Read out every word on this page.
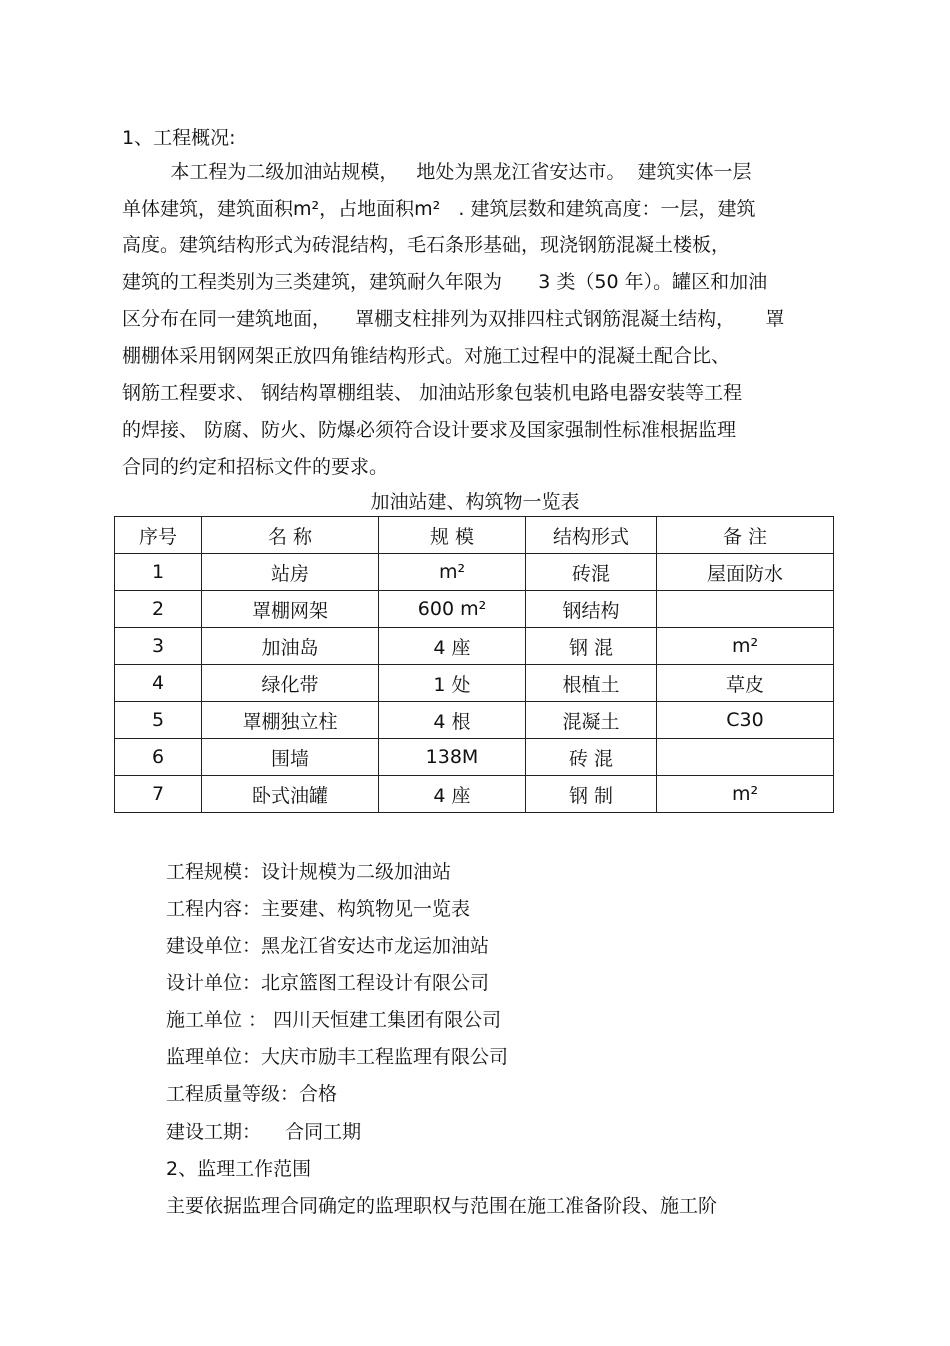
1、工程概况:
本工程为二级加油站规模，   地处为黑龙江省安达市。  建筑实体一层
单体建筑，建筑面积m²，占地面积m²   . 建筑层数和建筑高度：一层，建筑
高度。建筑结构形式为砖混结构，毛石条形基础，现浇钢筋混凝土楼板，
建筑的工程类别为三类建筑，建筑耐久年限为      3 类（50 年）。罐区和加油
区分布在同一建筑地面，    罩棚支柱排列为双排四柱式钢筋混凝土结构，     罩
棚棚体采用钢网架正放四角锥结构形式。对施工过程中的混凝土配合比、
钢筋工程要求、 钢结构罩棚组装、 加油站形象包装机电路电器安装等工程
的焊接、 防腐、防火、防爆必须符合设计要求及国家强制性标准根据监理
合同的约定和招标文件的要求。
加油站建、构筑物一览表
序号	名 称	规 模	结构形式	备 注
1	站房	m²	砖混	屋面防水
2	罩棚网架	600 m²	钢结构	
3	加油岛	4 座	钢 混	m²
4	绿化带	1 处	根植土	草皮
5	罩棚独立柱	4 根	混凝土	C30
6	围墙	138M	砖 混	
7	卧式油罐	4 座	钢 制	m²
工程规模：设计规模为二级加油站
工程内容：主要建、构筑物见一览表
建设单位：黑龙江省安达市龙运加油站
设计单位：北京篮图工程设计有限公司
施工单位 ： 四川天恒建工集团有限公司
监理单位：大庆市励丰工程监理有限公司
工程质量等级：合格
建设工期：    合同工期
2、监理工作范围
主要依据监理合同确定的监理职权与范围在施工准备阶段、施工阶
